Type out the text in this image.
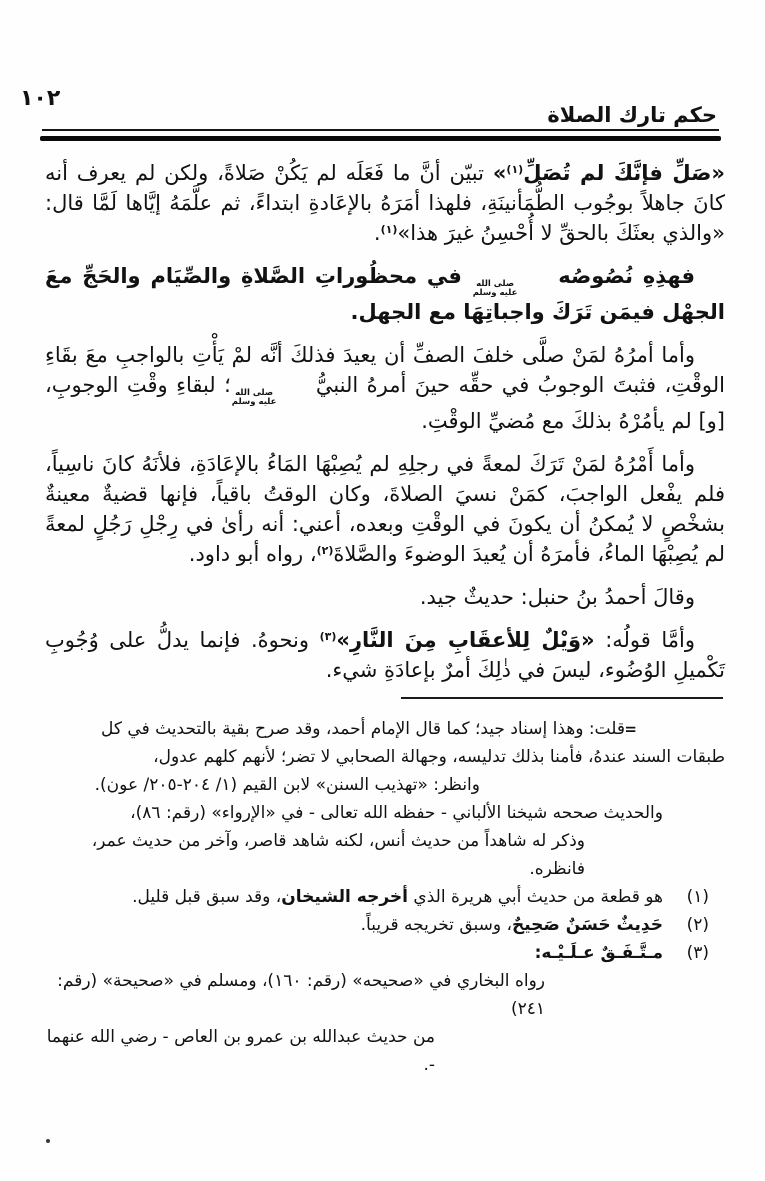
حكم تارك الصلاة
١٠٢

«صَلِّ فإنَّكَ لم تُصَلِّ$^{(١)}$» تبيّن أنَّ ما فَعَلَه لم يَكُنْ صَلاةً، ولكن لم يعرف أنه كانَ جاهلاً بوجُوب الطُّمَأنينَةِ، فلهذا أمَرَهُ بالإعَادةِ ابتداءً، ثم علَّمَهُ إيَّاها لَمَّا قال: «والذي بعثَكَ بالحقِّ لا أُحْسِنُ غيرَ هذا»$^{(١)}$.

فهذِهِ نُصُوصُه
صلى الله
عليه وسلم
في محظُوراتِ الصَّلاةِ والصِّيَام والحَجِّ معَ الجهْل فيمَن تَرَكَ واجباتِهَا مع الجهل.

وأما أمرُهُ لمَنْ صلَّى خلفَ الصفِّ أن يعيدَ فذلكَ أنَّه لمْ يَأْتِ بالواجبِ معَ بقَاءِ الوقْتِ، فثبتَ الوجوبُ في حقِّه حينَ أمرهُ النبيُّ
صلى الله
عليه وسلم
؛ لبقاءِ وقْتِ الوجوبِ، [و] لم يأمُرْهُ بذلكَ مع مُضيِّ الوقْتِ.

وأما أَمْرُهُ لمَنْ تَرَكَ لمعةً في رجلِهِ لم يُصِبْهَا المَاءُ بالإعَادَةِ، فلأنَهُ كانَ ناسِياً، فلم يفْعل الواجبَ، كمَنْ نسيَ الصلاةَ، وكان الوقتُ باقياً، فإنها قضيةٌ معينةٌ بشخْصٍ لا يُمكنُ أن يكونَ في الوقْتِ وبعده، أعني: أنه رأىٰ في رِجْلِ رَجُلٍ لمعةً لم يُصِبْهَا الماءُ، فأمرَهُ أن يُعيدَ الوضوءَ والصَّلاةَ$^{(٢)}$، رواه أبو داود.

وقالَ أحمدُ بنُ حنبل: حديثٌ جيد.

وأمَّا قولُه: «وَيْلٌ لِلأعقَابِ مِنَ النَّارِ»$^{(٣)}$ ونحوهُ. فإنما يدلُّ على وُجُوبِ تَكْميلِ الوُضُوء، ليسَ في ذٰلِكَ أمرٌ بإعادَةِ شيء.

=
قلت: وهذا إسناد جيد؛ كما قال الإمام أحمد، وقد صرح بقية بالتحديث في كل
طبقات السند عندهُ، فأمنا بذلك تدليسه، وجهالة الصحابي لا تضر؛ لأنهم كلهم عدول،
وانظر: «تهذيب السنن» لابن القيم (١/ ٢٠٤-٢٠٥/ عون).
والحديث صححه شيخنا الألباني - حفظه الله تعالى - في «الإرواء» (رقم: ٨٦)،
وذكر له شاهداً من حديث أنس، لكنه شاهد قاصر، وآخر من حديث عمر، فانظره.
(١)
هو قطعة من حديث أبي هريرة الذي أخرجه الشيخان، وقد سبق قبل قليل.
(٢)
حَدِيثٌ حَسَنٌ صَحِيحٌ، وسبق تخريجه قريباً.
(٣)
مـتَّـفَـقٌ عـلَـيْـه:
رواه البخاري في «صحيحه» (رقم: ١٦٠)، ومسلم في «صحيحة» (رقم: ٢٤١)
من حديث عبدالله بن عمرو بن العاص - رضي الله عنهما -.
